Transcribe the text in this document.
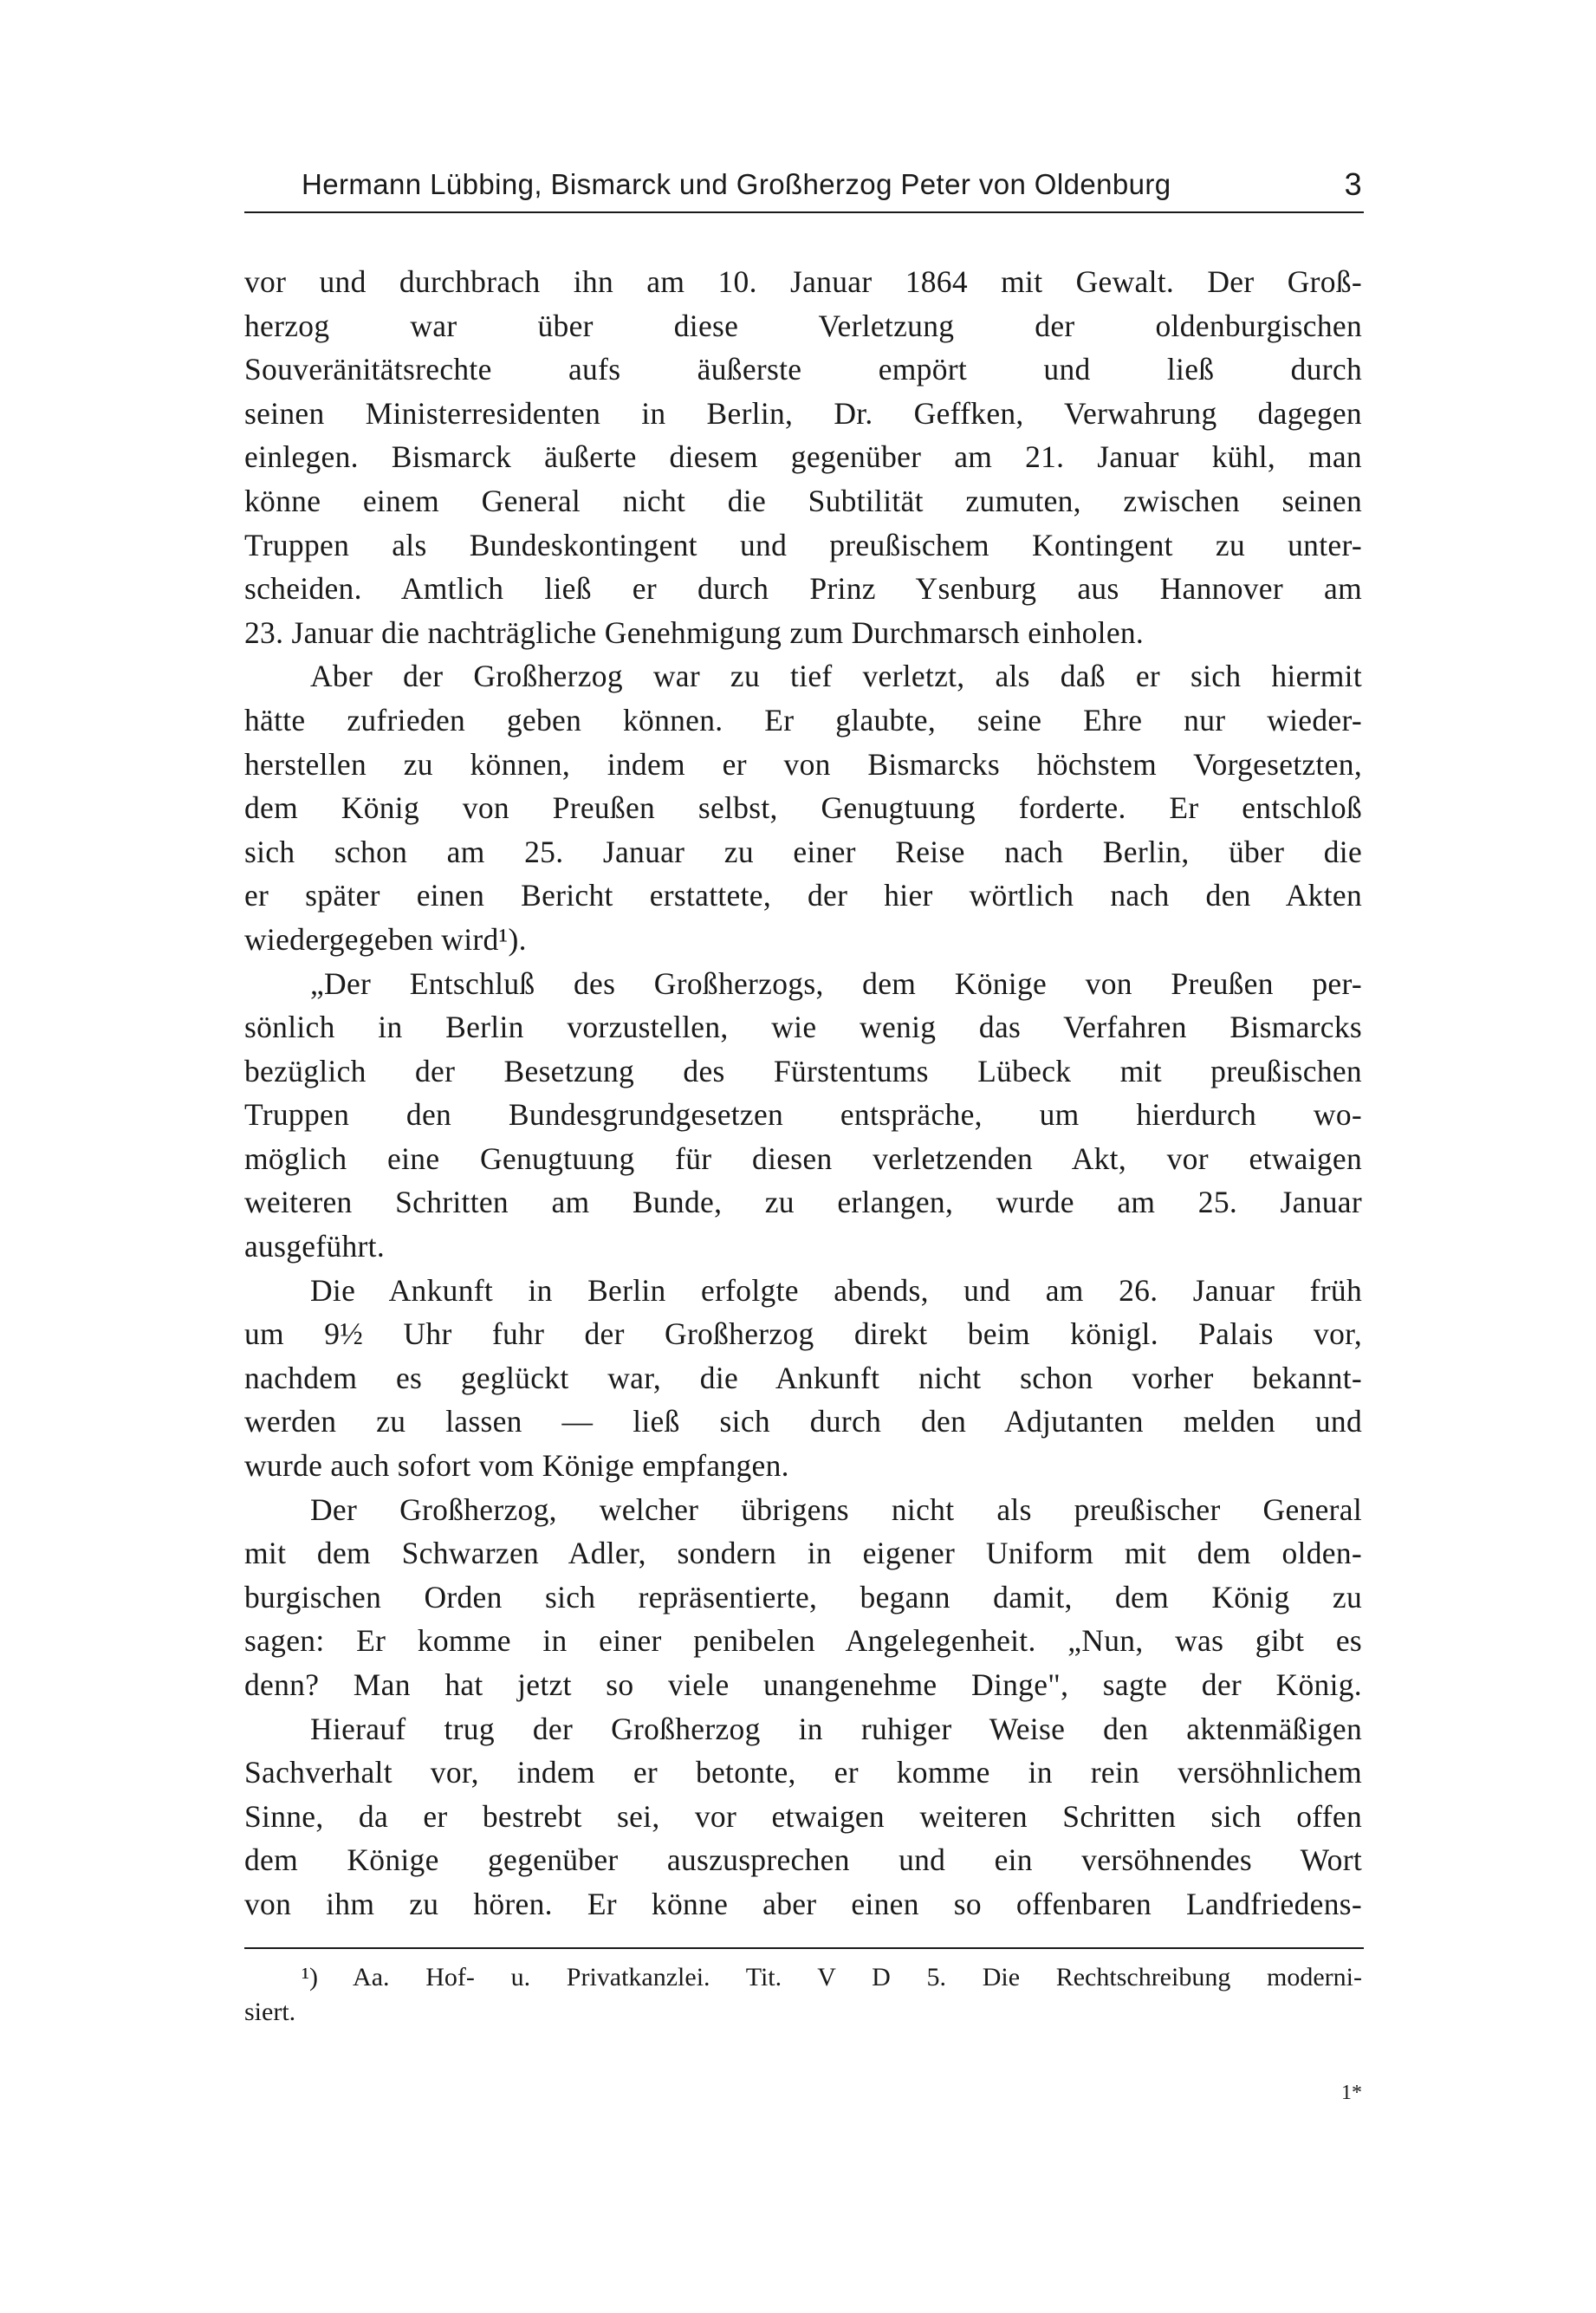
Hermann Lübbing, Bismarck und Großherzog Peter von Oldenburg	3
vor und durchbrach ihn am 10. Januar 1864 mit Gewalt. Der Groß-
herzog war über diese Verletzung der oldenburgischen
Souveränitätsrechte aufs äußerste empört und ließ durch
seinen Ministerresidenten in Berlin, Dr. Geffken, Verwahrung dagegen
einlegen. Bismarck äußerte diesem gegenüber am 21. Januar kühl, man
könne einem General nicht die Subtilität zumuten, zwischen seinen
Truppen als Bundeskontingent und preußischem Kontingent zu unter-
scheiden. Amtlich ließ er durch Prinz Ysenburg aus Hannover am
23. Januar die nachträgliche Genehmigung zum Durchmarsch einholen.
Aber der Großherzog war zu tief verletzt, als daß er sich hiermit
hätte zufrieden geben können. Er glaubte, seine Ehre nur wieder-
herstellen zu können, indem er von Bismarcks höchstem Vorgesetzten,
dem König von Preußen selbst, Genugtuung forderte. Er entschloß
sich schon am 25. Januar zu einer Reise nach Berlin, über die
er später einen Bericht erstattete, der hier wörtlich nach den Akten
wiedergegeben wird¹).
„Der Entschluß des Großherzogs, dem Könige von Preußen per-
sönlich in Berlin vorzustellen, wie wenig das Verfahren Bismarcks
bezüglich der Besetzung des Fürstentums Lübeck mit preußischen
Truppen den Bundesgrundgesetzen entspräche, um hierdurch wo-
möglich eine Genugtuung für diesen verletzenden Akt, vor etwaigen
weiteren Schritten am Bunde, zu erlangen, wurde am 25. Januar
ausgeführt.
Die Ankunft in Berlin erfolgte abends, und am 26. Januar früh
um 9½ Uhr fuhr der Großherzog direkt beim königl. Palais vor,
nachdem es geglückt war, die Ankunft nicht schon vorher bekannt-
werden zu lassen — ließ sich durch den Adjutanten melden und
wurde auch sofort vom Könige empfangen.
Der Großherzog, welcher übrigens nicht als preußischer General
mit dem Schwarzen Adler, sondern in eigener Uniform mit dem olden-
burgischen Orden sich repräsentierte, begann damit, dem König zu
sagen: Er komme in einer penibelen Angelegenheit. „Nun, was gibt es
denn? Man hat jetzt so viele unangenehme Dinge", sagte der König.
Hierauf trug der Großherzog in ruhiger Weise den aktenmäßigen
Sachverhalt vor, indem er betonte, er komme in rein versöhnlichem
Sinne, da er bestrebt sei, vor etwaigen weiteren Schritten sich offen
dem Könige gegenüber auszusprechen und ein versöhnendes Wort
von ihm zu hören. Er könne aber einen so offenbaren Landfriedens-
¹) Aa. Hof- u. Privatkanzlei. Tit. V D 5. Die Rechtschreibung moderni-
siert.
1*
